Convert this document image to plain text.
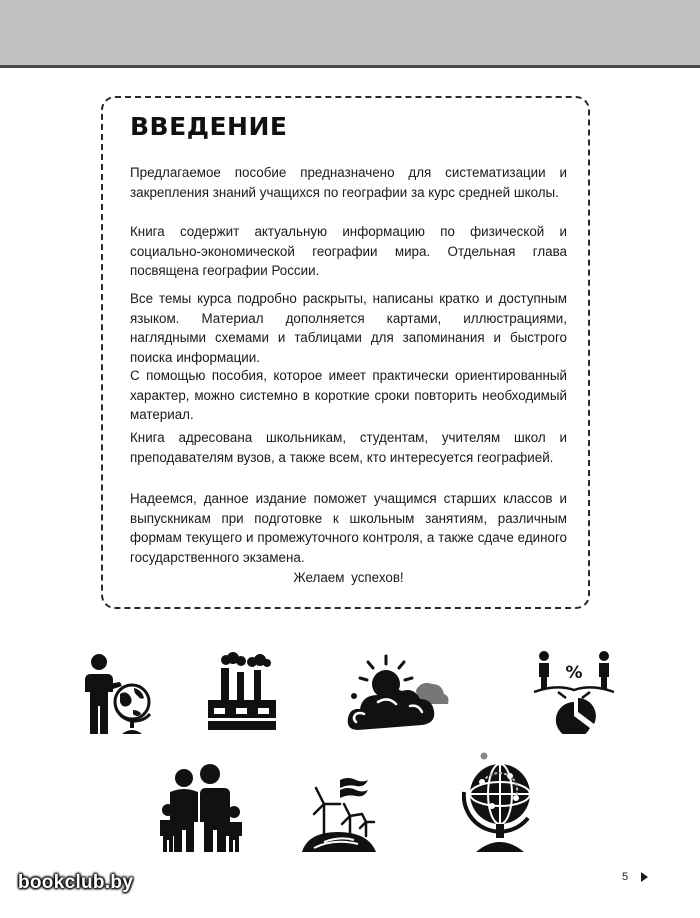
ВВЕДЕНИЕ

Предлагаемое пособие предназначено для систематизации и закрепления знаний учащихся по географии за курс средней школы.

Книга содержит актуальную информацию по физической и социально-экономической географии мира. Отдельная глава посвящена географии России.

Все темы курса подробно раскрыты, написаны кратко и доступным языком. Материал дополняется картами, иллюстрациями, наглядными схемами и таблицами для запоминания и быстрого поиска информации.

С помощью пособия, которое имеет практически ориентированный характер, можно системно в короткие сроки повторить необходимый материал.

Книга адресована школьникам, студентам, учителям школ и преподавателям вузов, а также всем, кто интересуется географией.

Надеемся, данное издание поможет учащимся старших классов и выпускникам при подготовке к школьным занятиям, различным формам текущего и промежуточного контроля, а также сдаче единого государственного экзамена.

Желаем успехов!

%
bookclub.by	5
